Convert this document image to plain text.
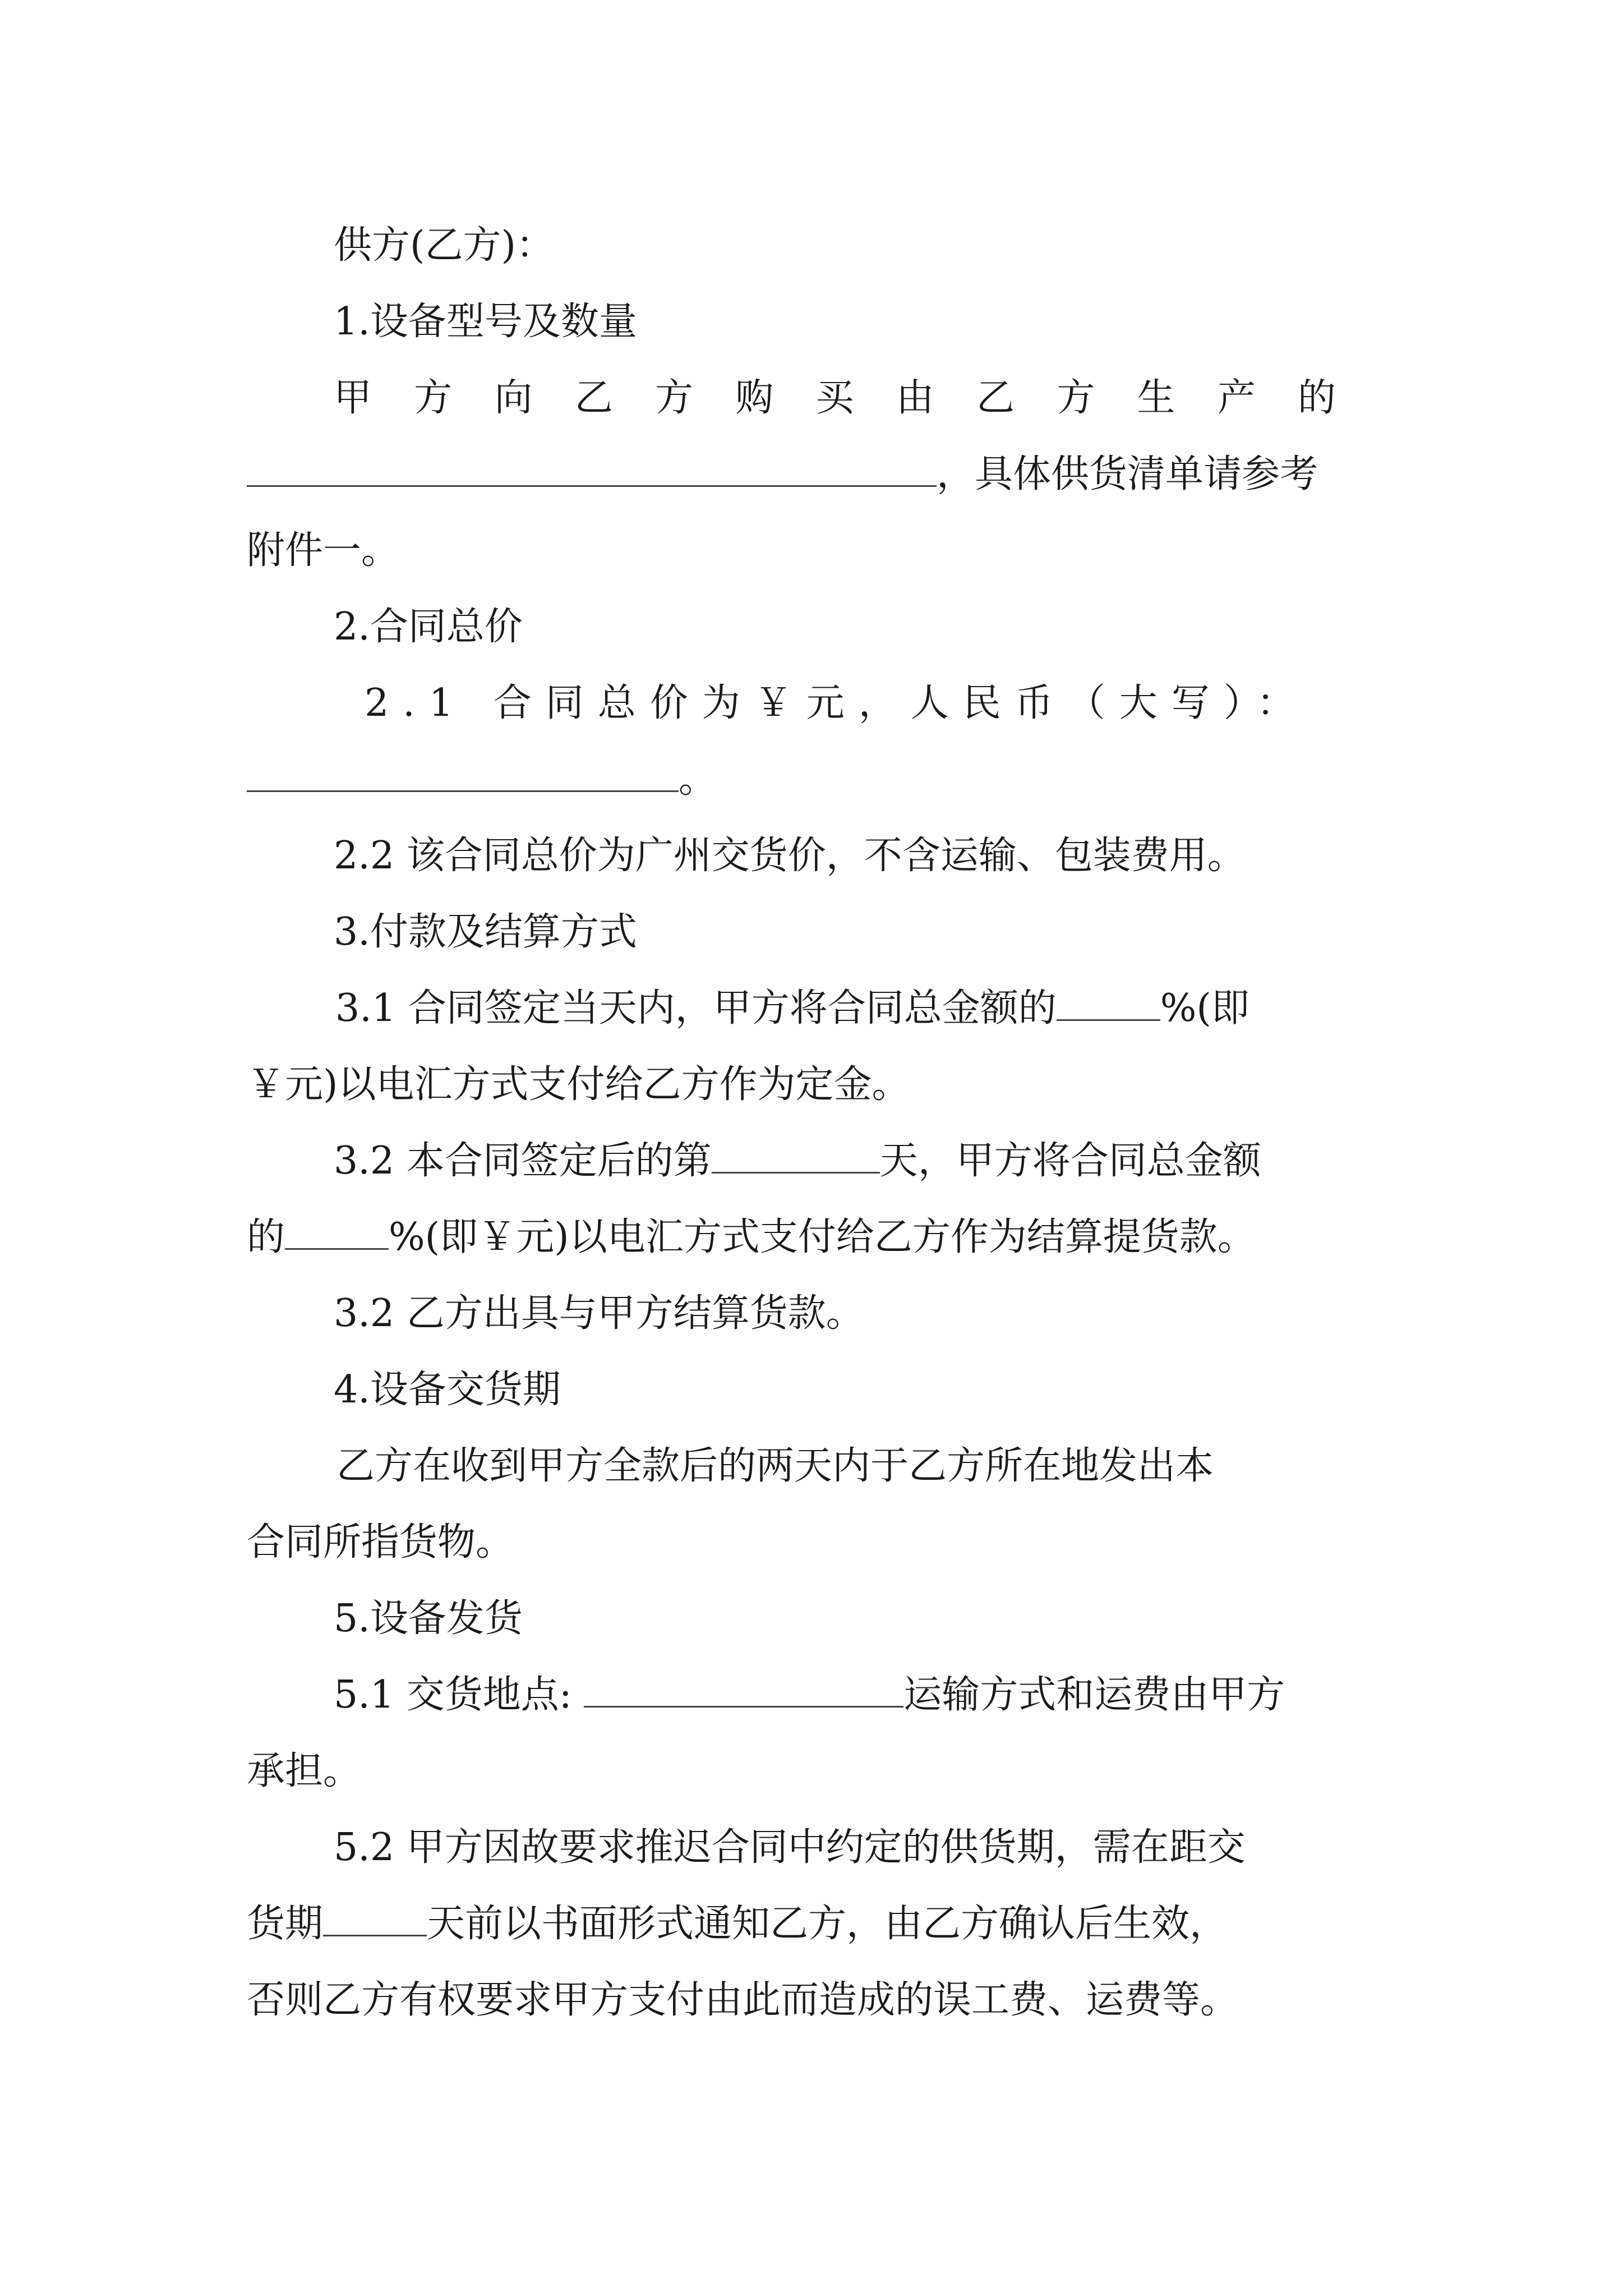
供方(乙方)：
1.设备型号及数量
甲方向乙方购买由乙方生产的
，具体供货清单请参考
附件一。
2.合同总价
2.1 合同总价为￥元，人民币（大写）：
。
2.2 该合同总价为广州交货价，不含运输、包装费用。
3.付款及结算方式
3.1 合同签定当天内，甲方将合同总金额的	%(即
￥元)以电汇方式支付给乙方作为定金。
3.2 本合同签定后的第	天，甲方将合同总金额
的	%(即￥元)以电汇方式支付给乙方作为结算提货款。
3.2 乙方出具与甲方结算货款。
4.设备交货期
乙方在收到甲方全款后的两天内于乙方所在地发出本
合同所指货物。
5.设备发货
5.1 交货地点:	运输方式和运费由甲方
承担。
5.2 甲方因故要求推迟合同中约定的供货期，需在距交
货期	天前以书面形式通知乙方，由乙方确认后生效，
否则乙方有权要求甲方支付由此而造成的误工费、运费等。
